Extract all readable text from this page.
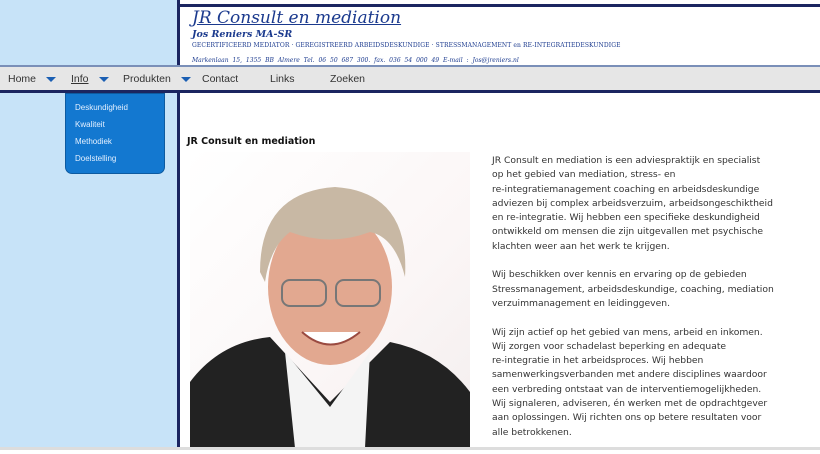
JR Consult en mediation
Jos Reniers MA-SR
GECERTIFICEERD MEDIATOR · GEREGISTREERD ARBEIDSDESKUNDIGE · STRESSMANAGEMENT en RE-INTEGRATIEDESKUNDIGE
Markenlaan 15, 1355 BB Almere Tel. 06 50 687 300. fax. 036 54 000 49 E-mail : Jos@jreniers.nl
Home	Info	Produkten	Contact	Links	Zoeken
Deskundigheid
Kwaliteit
Methodiek
Doelstelling
JR Consult en mediation

JR Consult en mediation is een adviespraktijk en specialist
op het gebied van mediation, stress- en
re-integratiemanagement coaching en arbeidsdeskundige
adviezen bij complex arbeidsverzuim, arbeidsongeschiktheid
en re-integratie. Wij hebben een specifieke deskundigheid
ontwikkeld om mensen die zijn uitgevallen met psychische
klachten weer aan het werk te krijgen.

Wij beschikken over kennis en ervaring op de gebieden
Stressmanagement, arbeidsdeskundige, coaching, mediation
verzuimmanagement en leidinggeven.

Wij zijn actief op het gebied van mens, arbeid en inkomen.
Wij zorgen voor schadelast beperking en adequate
re-integratie in het arbeidsproces. Wij hebben
samenwerkingsverbanden met andere disciplines waardoor
een verbreding ontstaat van de interventiemogelijkheden.
Wij signaleren, adviseren, én werken met de opdrachtgever
aan oplossingen. Wij richten ons op betere resultaten voor
alle betrokkenen.
